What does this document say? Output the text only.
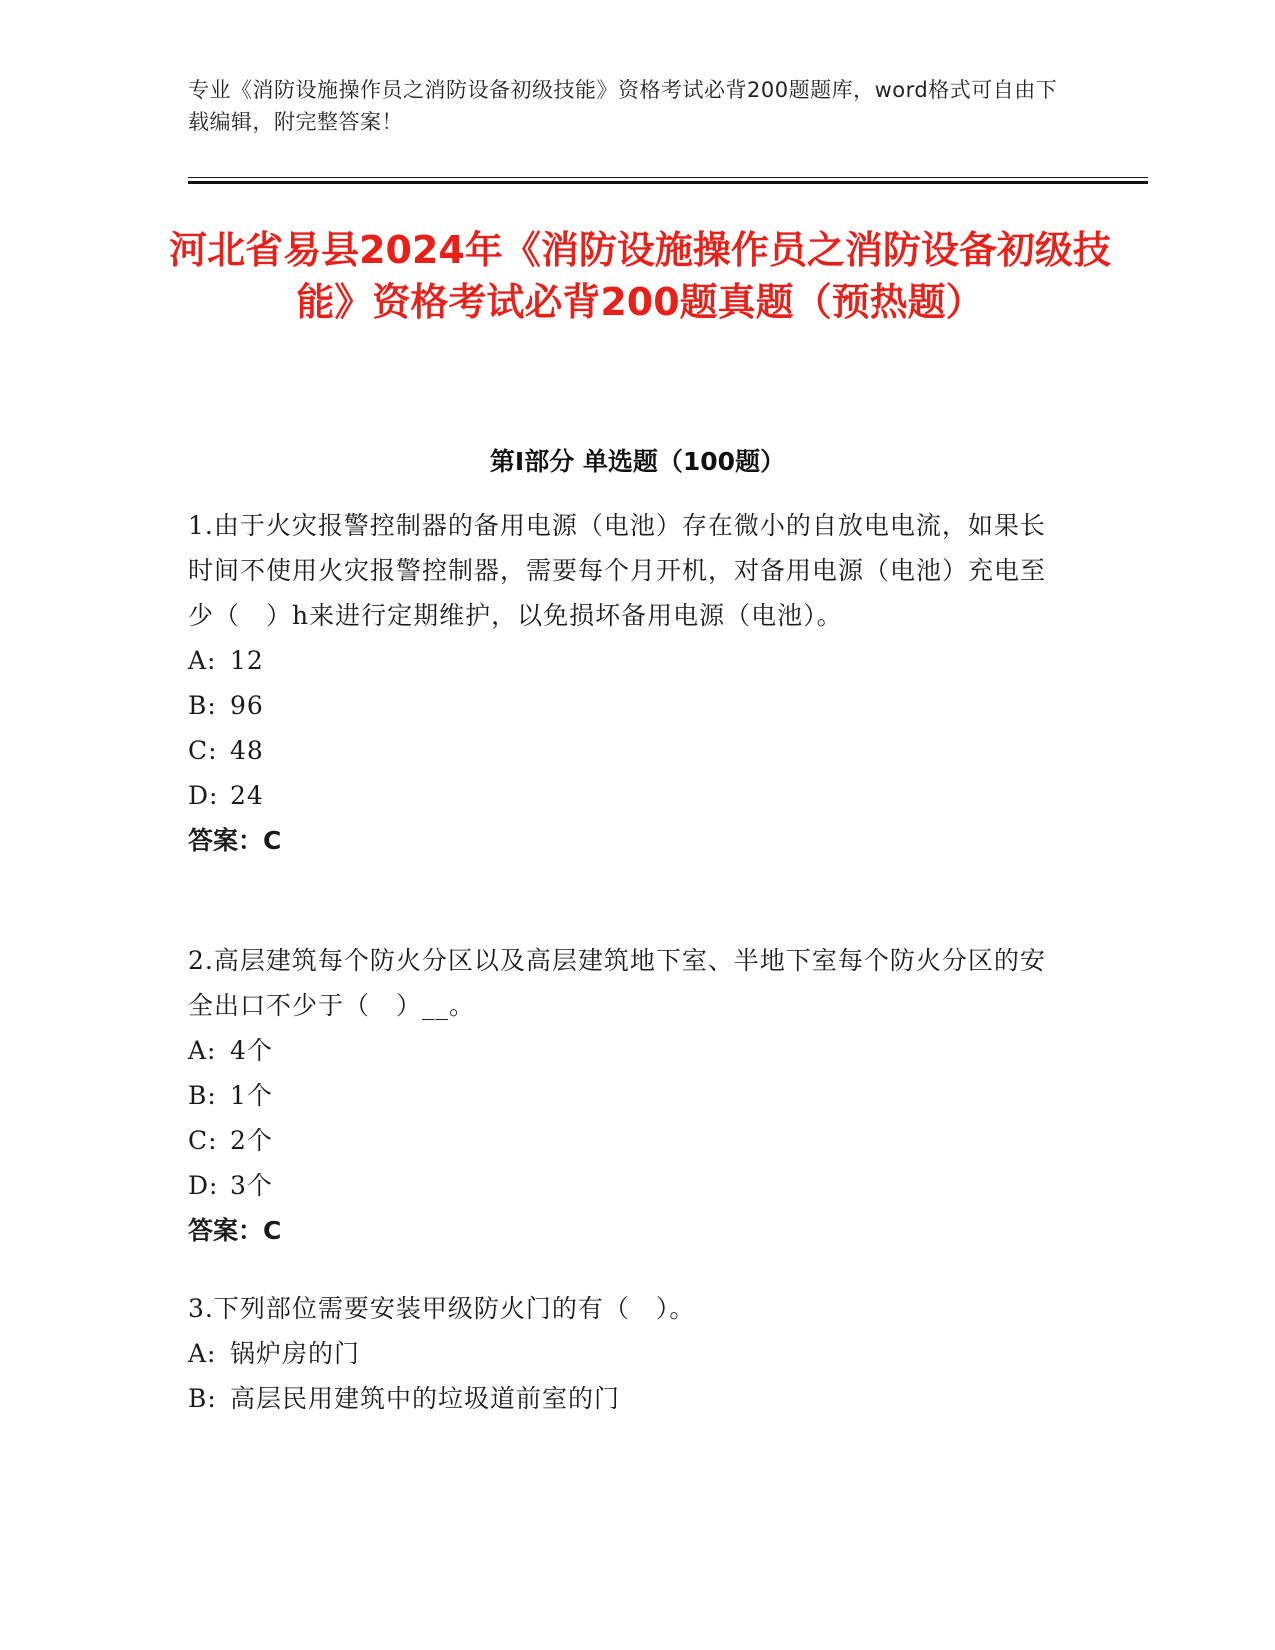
专业《消防设施操作员之消防设备初级技能》资格考试必背200题题库，word格式可自由下载编辑，附完整答案！
河北省易县2024年《消防设施操作员之消防设备初级技能》资格考试必背200题真题（预热题）
第I部分 单选题（100题）
1.由于火灾报警控制器的备用电源（电池）存在微小的自放电电流，如果长时间不使用火灾报警控制器，需要每个月开机，对备用电源（电池）充电至少（　）h来进行定期维护，以免损坏备用电源（电池）。
A: 12
B: 96
C: 48
D: 24
答案：C
2.高层建筑每个防火分区以及高层建筑地下室、半地下室每个防火分区的安全出口不少于（　）__。
A: 4个
B: 1个
C: 2个
D: 3个
答案：C
3.下列部位需要安装甲级防火门的有（　）。
A: 锅炉房的门
B: 高层民用建筑中的垃圾道前室的门
